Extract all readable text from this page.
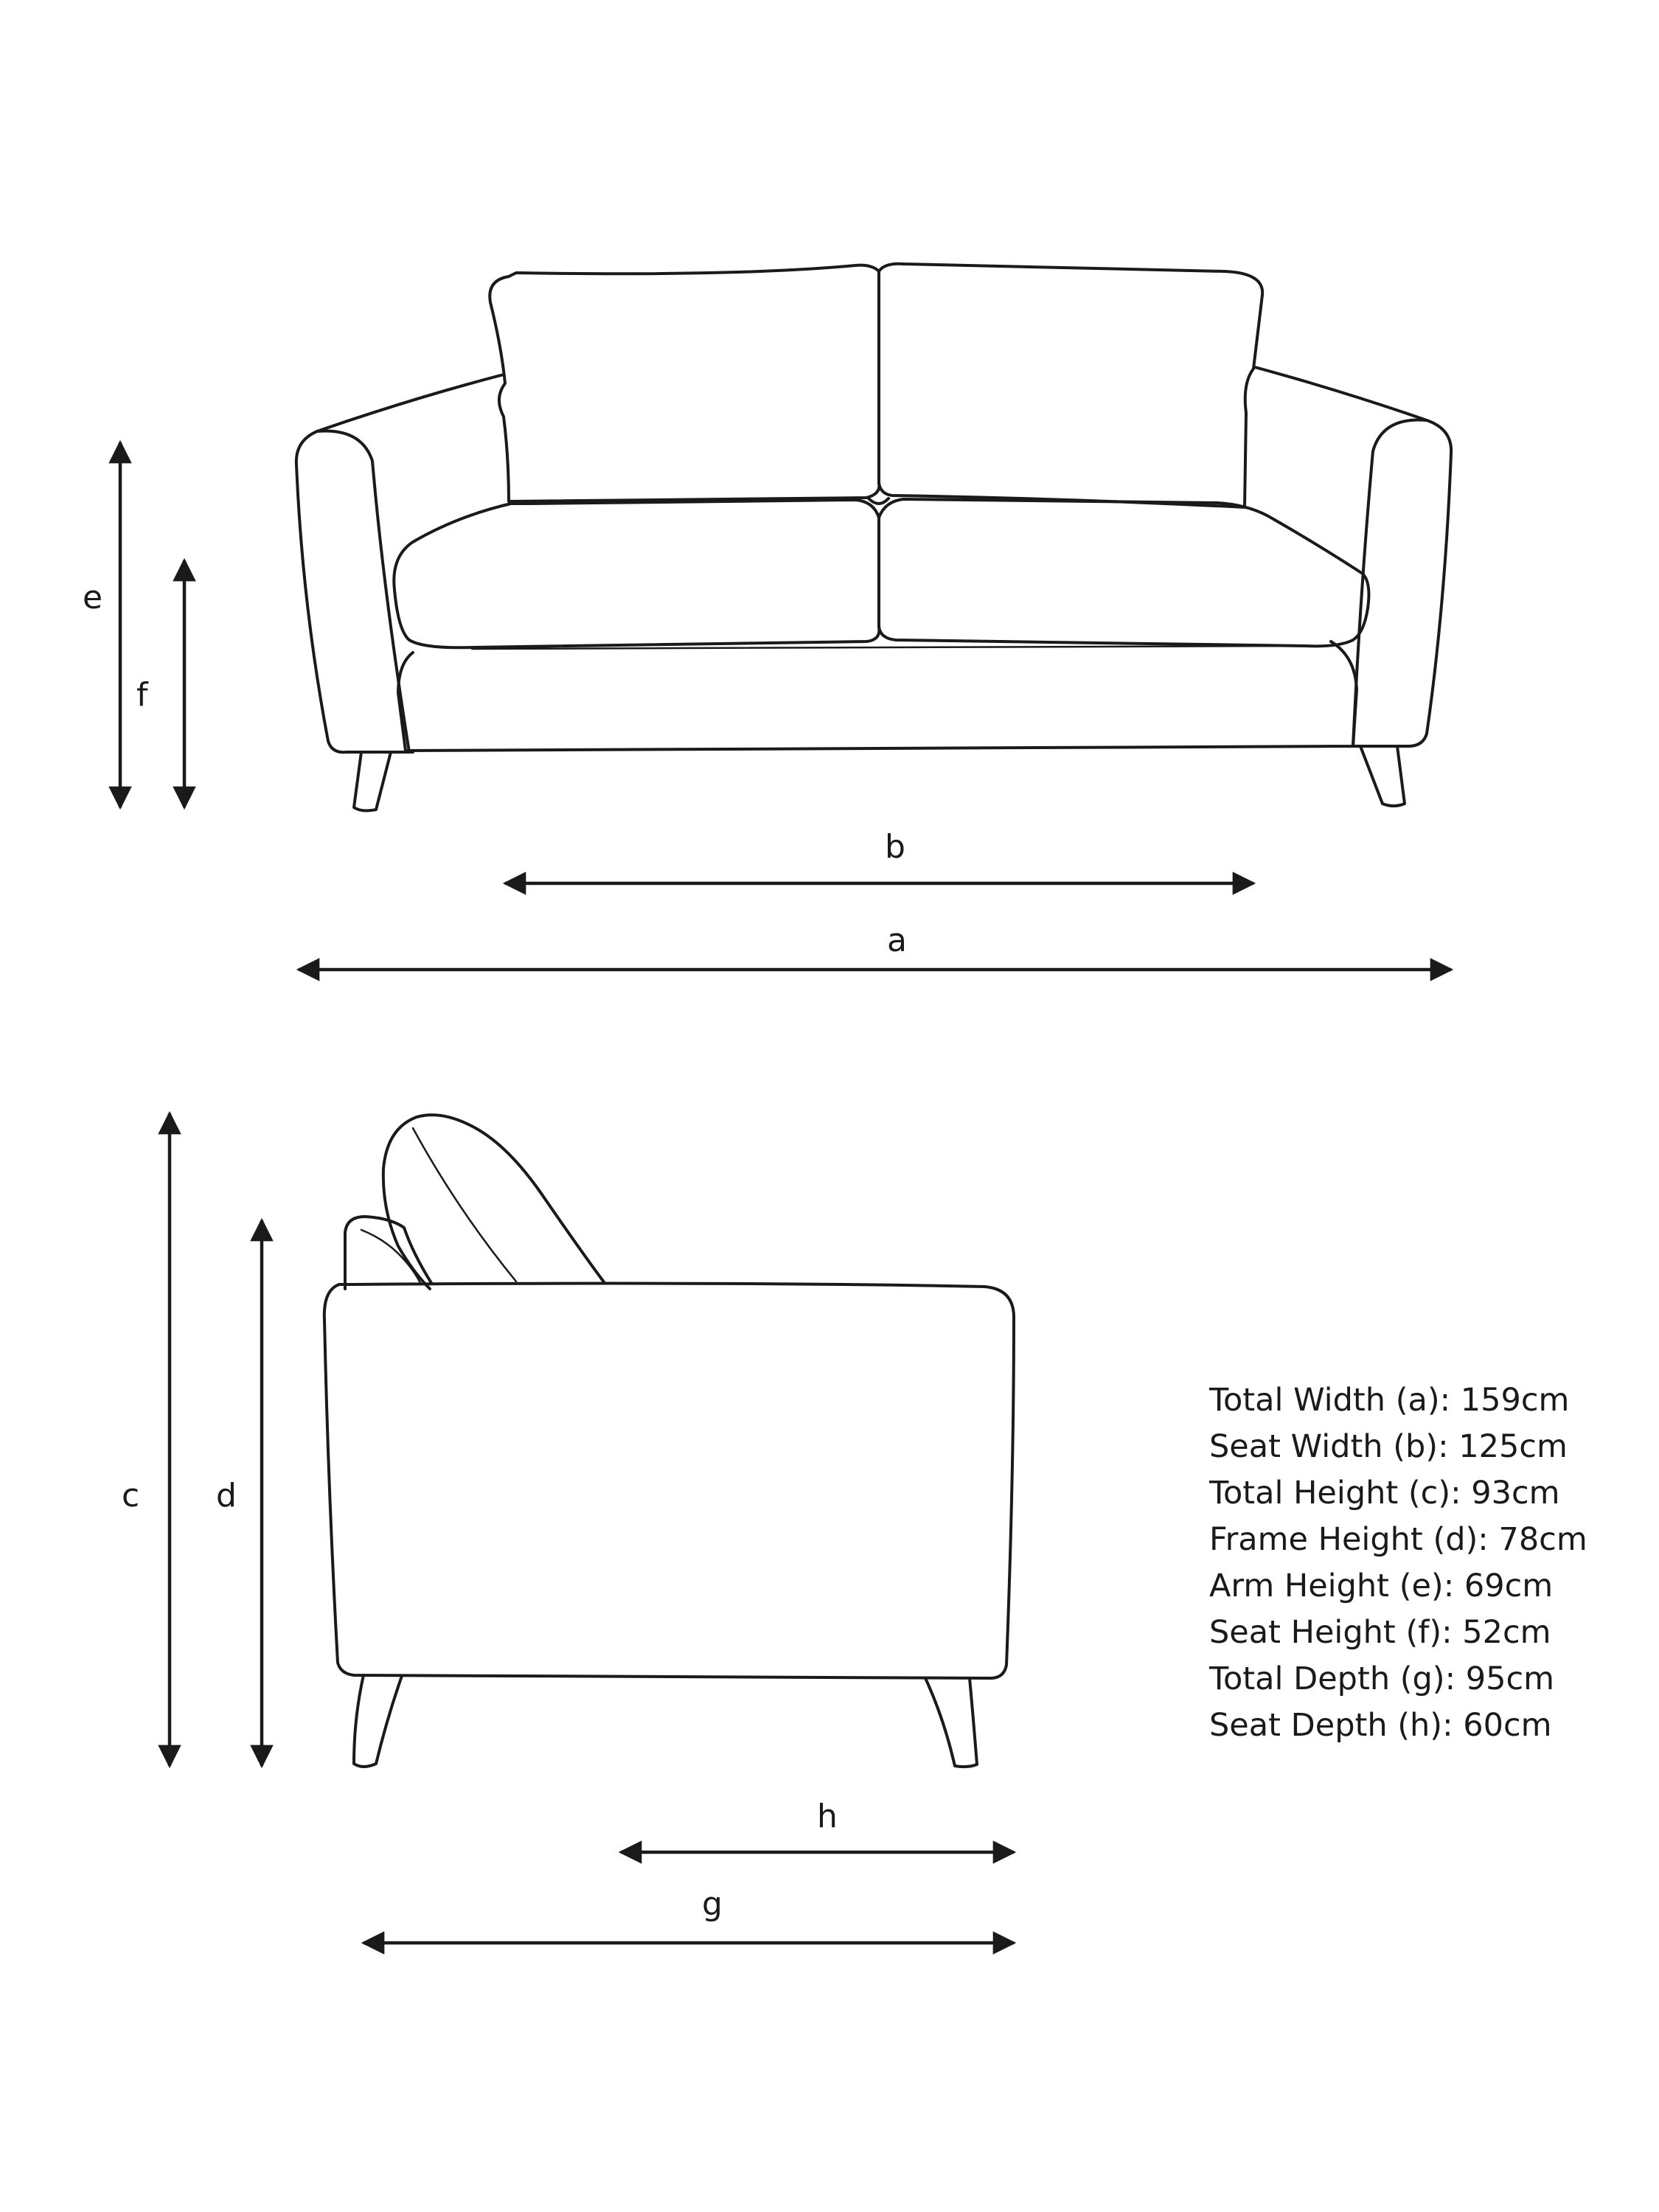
e
f
b
a
c d
h
g
Total Width (a): 159cm
Seat Width (b): 125cm
Total Height (c): 93cm
Frame Height (d): 78cm
Arm Height (e): 69cm
Seat Height (f): 52cm
Total Depth (g): 95cm
Seat Depth (h): 60cm
